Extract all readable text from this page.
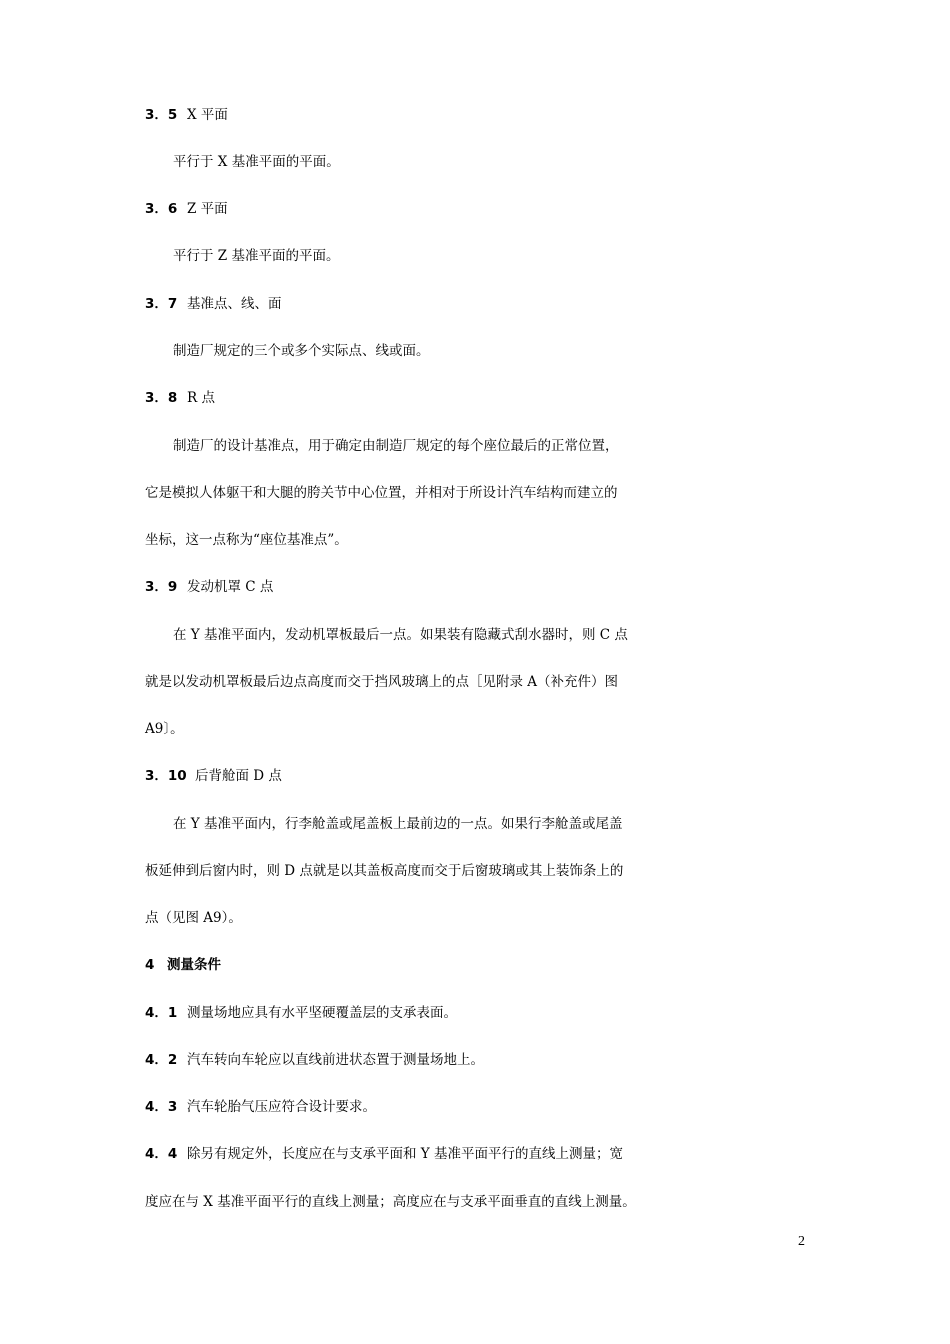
3．5 X 平面
平行于 X 基准平面的平面。
3．6 Z 平面
平行于 Z 基准平面的平面。
3．7 基准点、线、面
制造厂规定的三个或多个实际点、线或面。
3．8 R 点
制造厂的设计基准点，用于确定由制造厂规定的每个座位最后的正常位置，
它是模拟人体躯干和大腿的胯关节中心位置，并相对于所设计汽车结构而建立的
坐标，这一点称为“座位基准点”。
3．9 发动机罩 C 点
在 Y 基准平面内，发动机罩板最后一点。如果装有隐藏式刮水器时，则 C 点
就是以发动机罩板最后边点高度而交于挡风玻璃上的点［见附录 A（补充件）图
A9〕。
3．10 后背舱面 D 点
在 Y 基准平面内，行李舱盖或尾盖板上最前边的一点。如果行李舱盖或尾盖
板延伸到后窗内时，则 D 点就是以其盖板高度而交于后窗玻璃或其上装饰条上的
点（见图 A9）。
4 测量条件
4．1 测量场地应具有水平坚硬覆盖层的支承表面。
4．2 汽车转向车轮应以直线前进状态置于测量场地上。
4．3 汽车轮胎气压应符合设计要求。
4．4 除另有规定外，长度应在与支承平面和 Y 基准平面平行的直线上测量；宽
度应在与 X 基准平面平行的直线上测量；高度应在与支承平面垂直的直线上测量。
2
